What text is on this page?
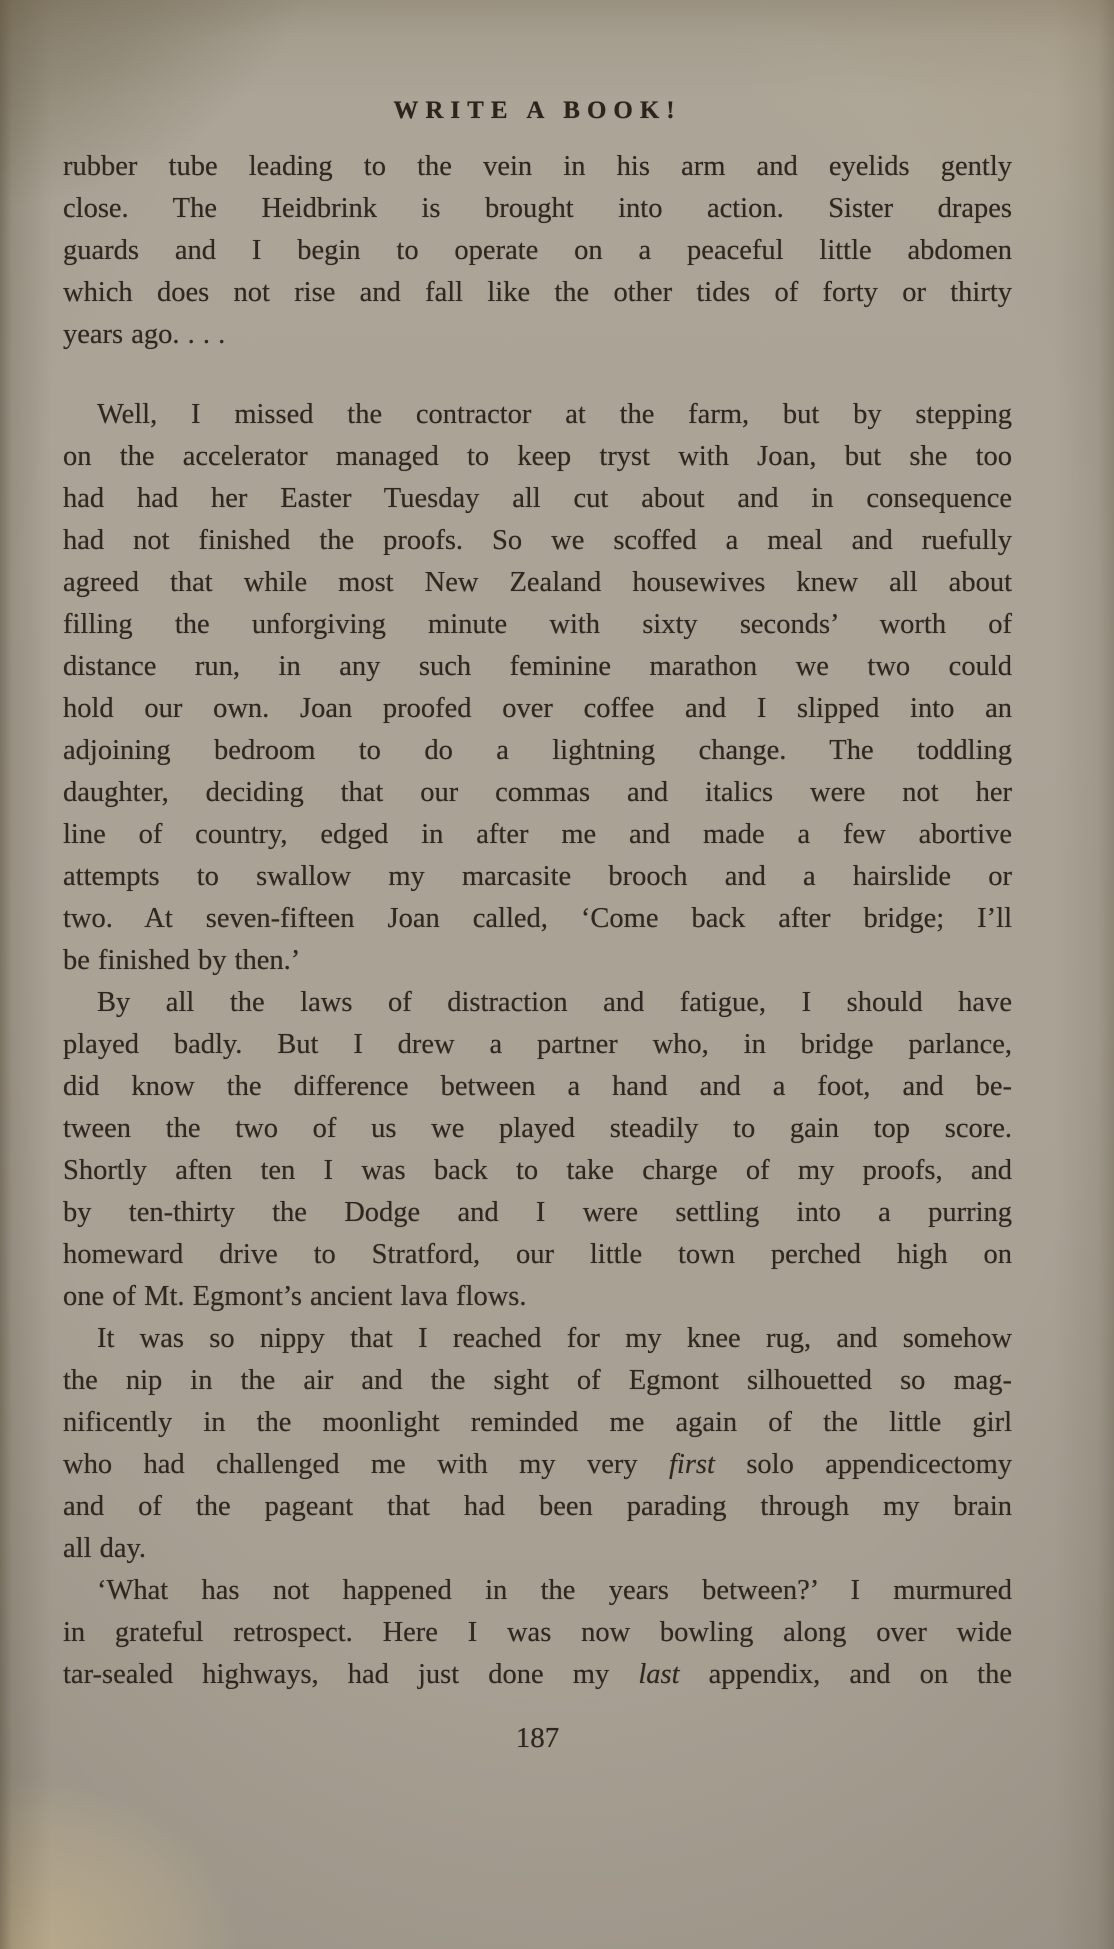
WRITE A BOOK!
rubber tube leading to the vein in his arm and eyelids gently
close. The Heidbrink is brought into action. Sister drapes
guards and I begin to operate on a peaceful little abdomen
which does not rise and fall like the other tides of forty or thirty
years ago. . . .
Well, I missed the contractor at the farm, but by stepping
on the accelerator managed to keep tryst with Joan, but she too
had had her Easter Tuesday all cut about and in consequence
had not finished the proofs. So we scoffed a meal and ruefully
agreed that while most New Zealand housewives knew all about
filling the unforgiving minute with sixty seconds’ worth of
distance run, in any such feminine marathon we two could
hold our own. Joan proofed over coffee and I slipped into an
adjoining bedroom to do a lightning change. The toddling
daughter, deciding that our commas and italics were not her
line of country, edged in after me and made a few abortive
attempts to swallow my marcasite brooch and a hairslide or
two. At seven-fifteen Joan called, ‘Come back after bridge; I’ll
be finished by then.’
By all the laws of distraction and fatigue, I should have
played badly. But I drew a partner who, in bridge parlance,
did know the difference between a hand and a foot, and be-
tween the two of us we played steadily to gain top score.
Shortly aften ten I was back to take charge of my proofs, and
by ten-thirty the Dodge and I were settling into a purring
homeward drive to Stratford, our little town perched high on
one of Mt. Egmont’s ancient lava flows.
It was so nippy that I reached for my knee rug, and somehow
the nip in the air and the sight of Egmont silhouetted so mag-
nificently in the moonlight reminded me again of the little girl
who had challenged me with my very first solo appendicectomy
and of the pageant that had been parading through my brain
all day.
‘What has not happened in the years between?’ I murmured
in grateful retrospect. Here I was now bowling along over wide
tar-sealed highways, had just done my last appendix, and on the
187
